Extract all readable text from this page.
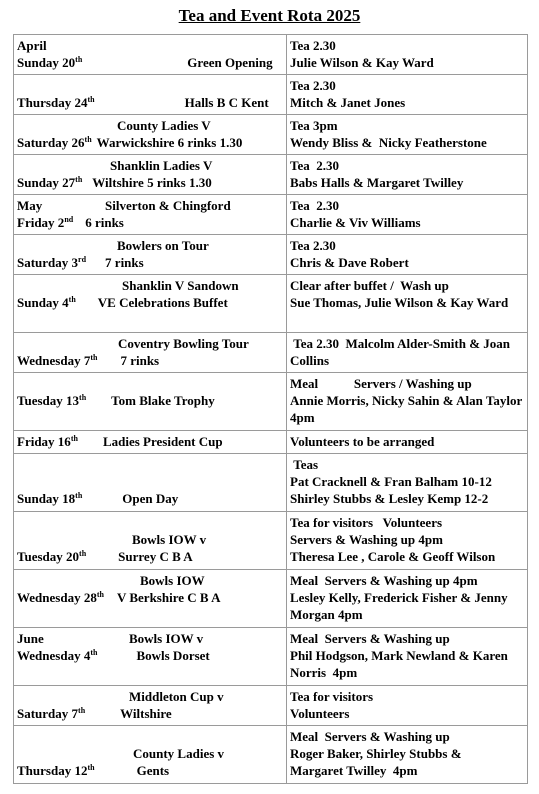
Tea and Event Rota 2025
April
Sunday 20th Green Opening	Tea 2.30
Julie Wilson & Kay Ward

Thursday 24th Halls B C Kent	Tea 2.30
Mitch & Janet Jones

County Ladies V
Saturday 26th Warwickshire 6 rinks 1.30	Tea 3pm
Wendy Bliss &  Nicky Featherstone

Shanklin Ladies V
Sunday 27th Wiltshire 5 rinks 1.30	Tea  2.30
Babs Halls & Margaret Twilley

May Silverton & Chingford
Friday 2nd 6 rinks	Tea  2.30
Charlie & Viv Williams

Bowlers on Tour
Saturday 3rd 7 rinks	Tea 2.30
Chris & Dave Robert

Shanklin V Sandown
Sunday 4th VE Celebrations Buffet	Clear after buffet /  Wash up
Sue Thomas, Julie Wilson & Kay Ward

Coventry Bowling Tour
Wednesday 7th 7 rinks	Tea 2.30  Malcolm Alder-Smith & Joan Collins

Tuesday 13th Tom Blake Trophy	Meal           Servers / Washing up
Annie Morris, Nicky Sahin & Alan Taylor  4pm

Friday 16th Ladies President Cup	Volunteers to be arranged

Sunday 18th Open Day	Teas
Pat Cracknell & Fran Balham 10-12
Shirley Stubbs & Lesley Kemp 12-2

Bowls IOW v
Tuesday 20th Surrey C B A	Tea for visitors   Volunteers
Servers & Washing up 4pm
Theresa Lee , Carole & Geoff Wilson

Bowls IOW
Wednesday 28th V Berkshire C B A	Meal  Servers & Washing up 4pm
Lesley Kelly, Frederick Fisher & Jenny Morgan 4pm

June Bowls IOW v
Wednesday 4th Bowls Dorset	Meal  Servers & Washing up
Phil Hodgson, Mark Newland & Karen Norris  4pm

Middleton Cup v
Saturday 7th Wiltshire	Tea for visitors
Volunteers

County Ladies v
Thursday 12th Gents	Meal  Servers & Washing up
Roger Baker, Shirley Stubbs &
Margaret Twilley  4pm
